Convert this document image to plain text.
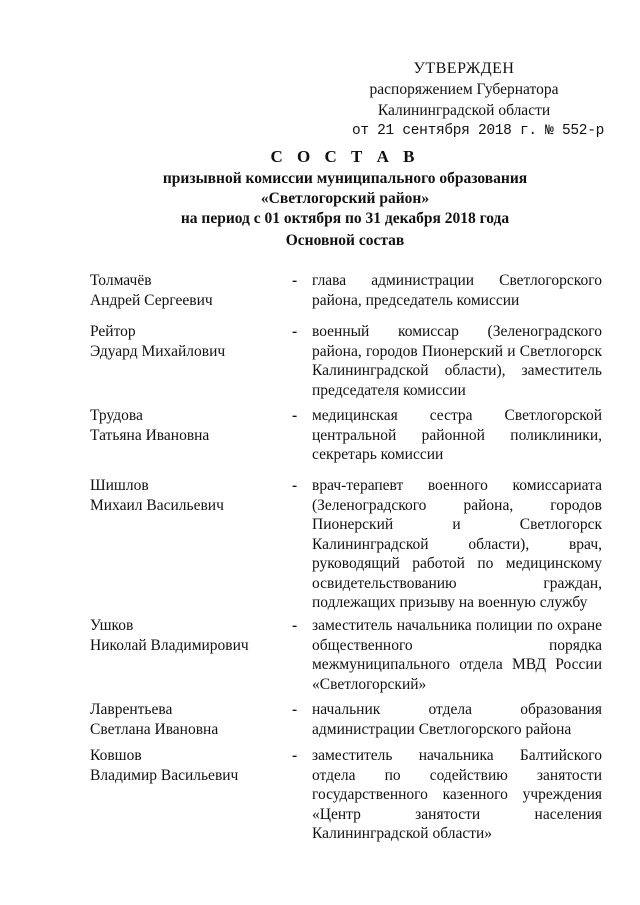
УТВЕРЖДЕН
распоряжением Губернатора
Калининградской области
от 21 сентября 2018 г. № 552-р
С О С Т А В
призывной комиссии муниципального образования
«Светлогорский район»
на период с 01 октября по 31 декабря 2018 года
Основной состав
Толмачёв
Андрей Сергеевич
- глава администрации Светлогорского
района, председатель комиссии
Рейтор
Эдуард Михайлович
- военный комиссар (Зеленоградского
района, городов Пионерский и Светлогорск
Калининградской области), заместитель
председателя комиссии
Трудова
Татьяна Ивановна
- медицинская сестра Светлогорской
центральной районной поликлиники,
секретарь комиссии
Шишлов
Михаил Васильевич
- врач-терапевт военного комиссариата
(Зеленоградского района, городов
Пионерский и Светлогорск
Калининградской области), врач,
руководящий работой по медицинскому
освидетельствованию граждан,
подлежащих призыву на военную службу
Ушков
Николай Владимирович
- заместитель начальника полиции по охране
общественного порядка
межмуниципального отдела МВД России
«Светлогорский»
Лаврентьева
Светлана Ивановна
- начальник отдела образования
администрации Светлогорского района
Ковшов
Владимир Васильевич
- заместитель начальника Балтийского
отдела по содействию занятости
государственного казенного учреждения
«Центр занятости населения
Калининградской области»
